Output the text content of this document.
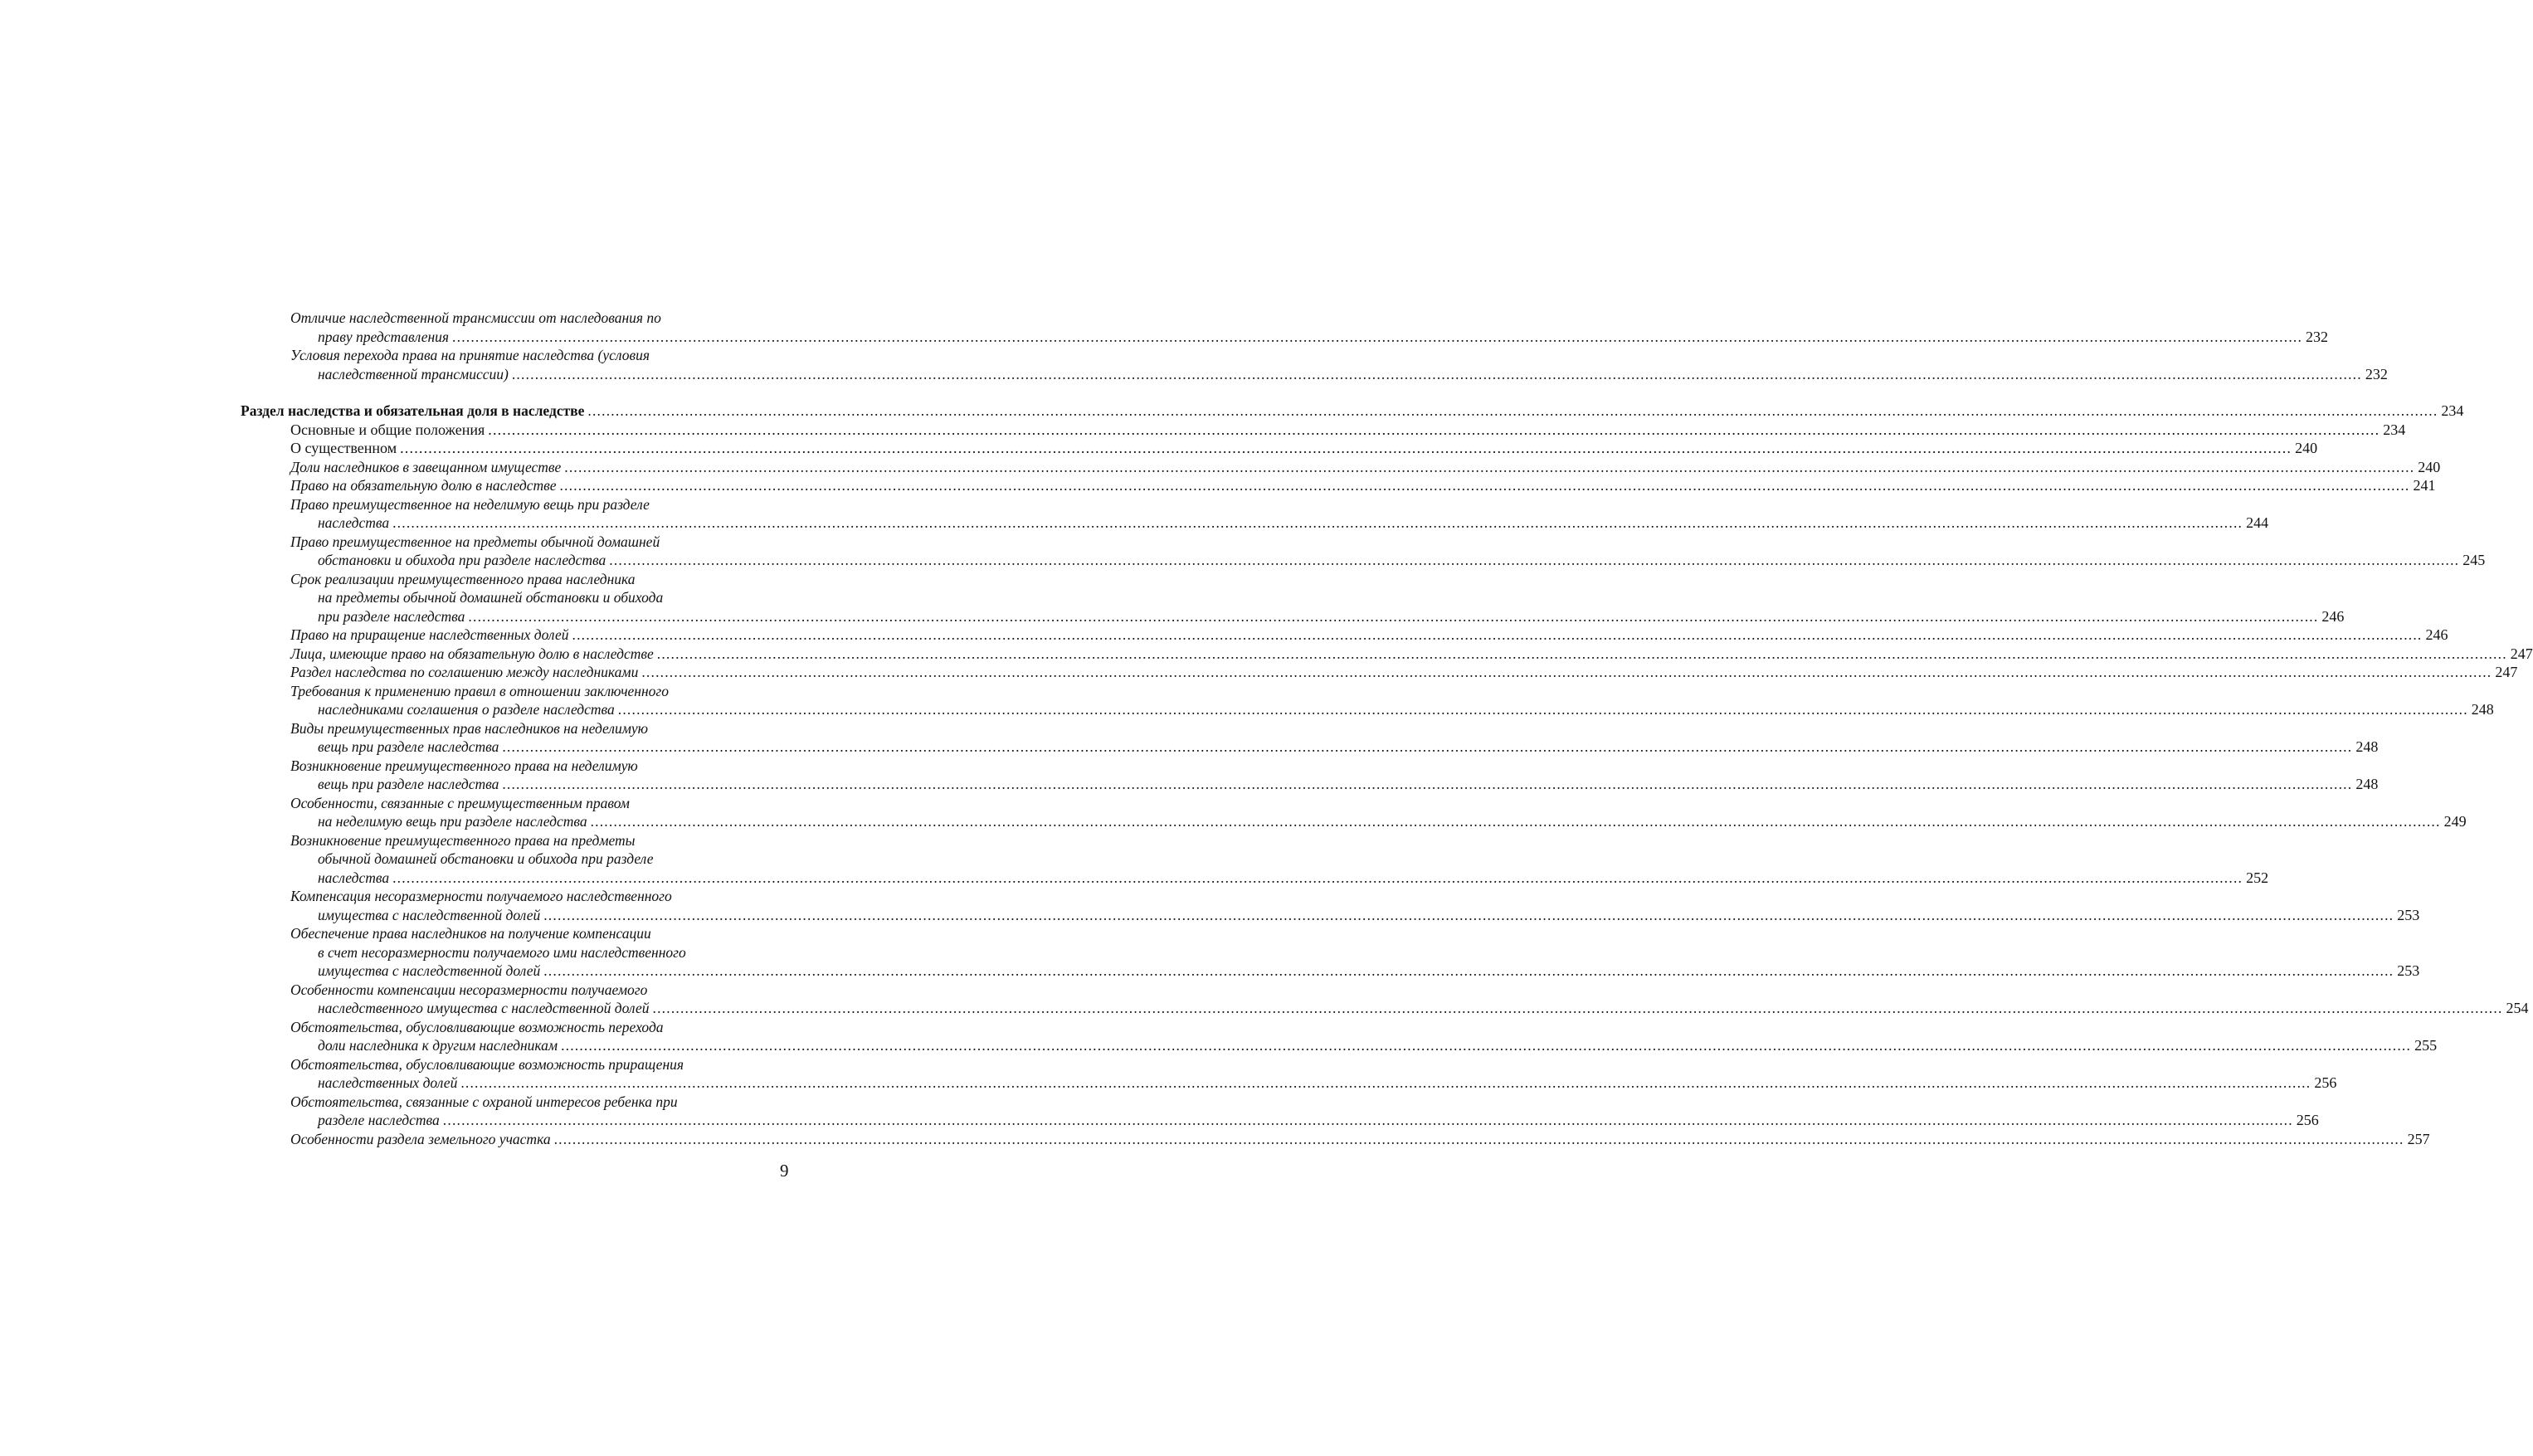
Отличие наследственной трансмиссии от наследования по
праву представления ................................................................................................................................................................................................................................................................................................................................................................................................................ 232
Условия перехода права на принятие наследства (условия
наследственной трансмиссии) ................................................................................................................................................................................................................................................................................................................................................................................................................ 232
Раздел наследства и обязательная доля в наследстве ................................................................................................................................................................................................................................................................................................................................................................................................................ 234
Основные и общие положения ................................................................................................................................................................................................................................................................................................................................................................................................................ 234
О существенном ................................................................................................................................................................................................................................................................................................................................................................................................................ 240
Доли наследников в завещанном имуществе ................................................................................................................................................................................................................................................................................................................................................................................................................ 240
Право на обязательную долю в наследстве ................................................................................................................................................................................................................................................................................................................................................................................................................ 241
Право преимущественное на неделимую вещь при разделе
наследства ................................................................................................................................................................................................................................................................................................................................................................................................................ 244
Право преимущественное на предметы обычной домашней
обстановки и обихода при разделе наследства ................................................................................................................................................................................................................................................................................................................................................................................................................ 245
Срок реализации преимущественного права наследника
на предметы обычной домашней обстановки и обихода
при разделе наследства ................................................................................................................................................................................................................................................................................................................................................................................................................ 246
Право на приращение наследственных долей ................................................................................................................................................................................................................................................................................................................................................................................................................ 246
Лица, имеющие право на обязательную долю в наследстве ................................................................................................................................................................................................................................................................................................................................................................................................................ 247
Раздел наследства по соглашению между наследниками ................................................................................................................................................................................................................................................................................................................................................................................................................ 247
Требования к применению правил в отношении заключенного
наследниками соглашения о разделе наследства ................................................................................................................................................................................................................................................................................................................................................................................................................ 248
Виды преимущественных прав наследников на неделимую
вещь при разделе наследства ................................................................................................................................................................................................................................................................................................................................................................................................................ 248
Возникновение преимущественного права на неделимую
вещь при разделе наследства ................................................................................................................................................................................................................................................................................................................................................................................................................ 248
Особенности, связанные с преимущественным правом
на неделимую вещь при разделе наследства ................................................................................................................................................................................................................................................................................................................................................................................................................ 249
Возникновение преимущественного права на предметы
обычной домашней обстановки и обихода при разделе
наследства ................................................................................................................................................................................................................................................................................................................................................................................................................ 252
Компенсация несоразмерности получаемого наследственного
имущества с наследственной долей ................................................................................................................................................................................................................................................................................................................................................................................................................ 253
Обеспечение права наследников на получение компенсации
в счет несоразмерности получаемого ими наследственного
имущества с наследственной долей ................................................................................................................................................................................................................................................................................................................................................................................................................ 253
Особенности компенсации несоразмерности получаемого
наследственного имущества с наследственной долей ................................................................................................................................................................................................................................................................................................................................................................................................................ 254
Обстоятельства, обусловливающие возможность перехода
доли наследника к другим наследникам ................................................................................................................................................................................................................................................................................................................................................................................................................ 255
Обстоятельства, обусловливающие возможность приращения
наследственных долей ................................................................................................................................................................................................................................................................................................................................................................................................................ 256
Обстоятельства, связанные с охраной интересов ребенка при
разделе наследства ................................................................................................................................................................................................................................................................................................................................................................................................................ 256
Особенности раздела земельного участка ................................................................................................................................................................................................................................................................................................................................................................................................................ 257
9
